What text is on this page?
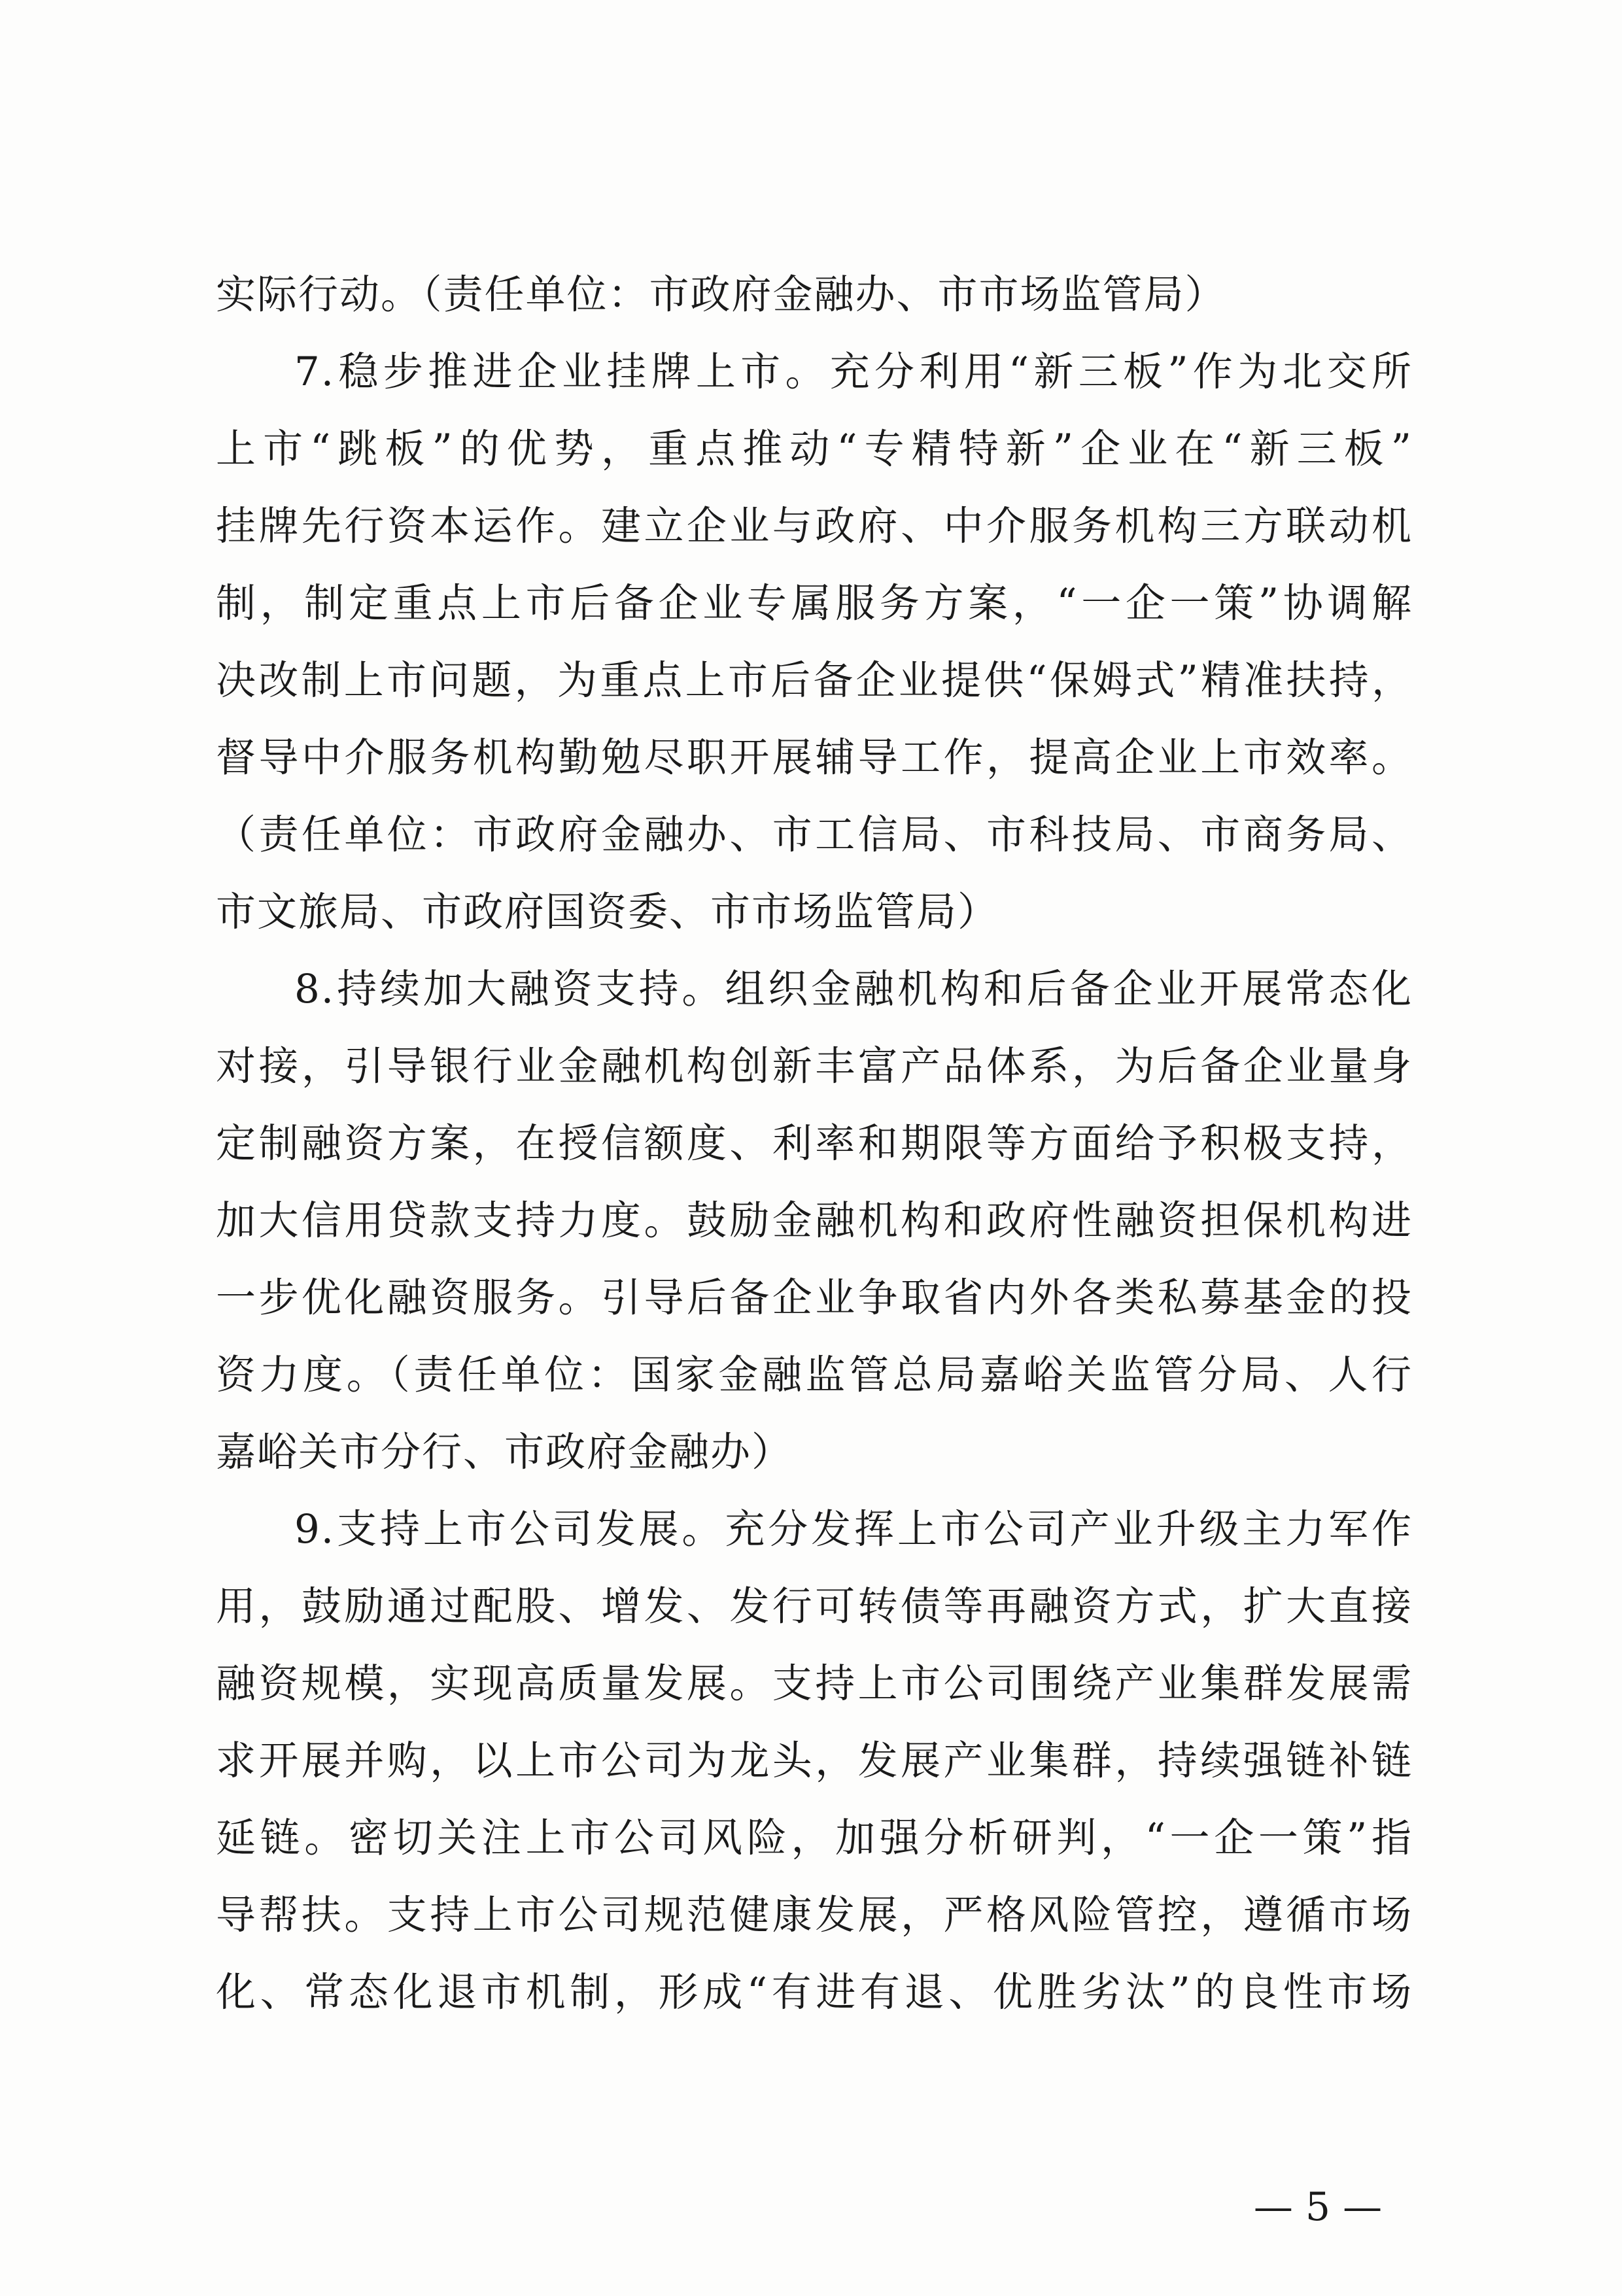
实际行动。（责任单位：市政府金融办、市市场监管局）
7.稳步推进企业挂牌上市。充分利用“新三板”作为北交所
上市“跳板”的优势，重点推动“专精特新”企业在“新三板”
挂牌先行资本运作。建立企业与政府、中介服务机构三方联动机
制，制定重点上市后备企业专属服务方案，“一企一策”协调解
决改制上市问题，为重点上市后备企业提供“保姆式”精准扶持，
督导中介服务机构勤勉尽职开展辅导工作，提高企业上市效率。
（责任单位：市政府金融办、市工信局、市科技局、市商务局、
市文旅局、市政府国资委、市市场监管局）
8.持续加大融资支持。组织金融机构和后备企业开展常态化
对接，引导银行业金融机构创新丰富产品体系，为后备企业量身
定制融资方案，在授信额度、利率和期限等方面给予积极支持，
加大信用贷款支持力度。鼓励金融机构和政府性融资担保机构进
一步优化融资服务。引导后备企业争取省内外各类私募基金的投
资力度。（责任单位：国家金融监管总局嘉峪关监管分局、人行
嘉峪关市分行、市政府金融办）
9.支持上市公司发展。充分发挥上市公司产业升级主力军作
用，鼓励通过配股、增发、发行可转债等再融资方式，扩大直接
融资规模，实现高质量发展。支持上市公司围绕产业集群发展需
求开展并购，以上市公司为龙头，发展产业集群，持续强链补链
延链。密切关注上市公司风险，加强分析研判，“一企一策”指
导帮扶。支持上市公司规范健康发展，严格风险管控，遵循市场
化、常态化退市机制，形成“有进有退、优胜劣汰”的良性市场
— 5 —
